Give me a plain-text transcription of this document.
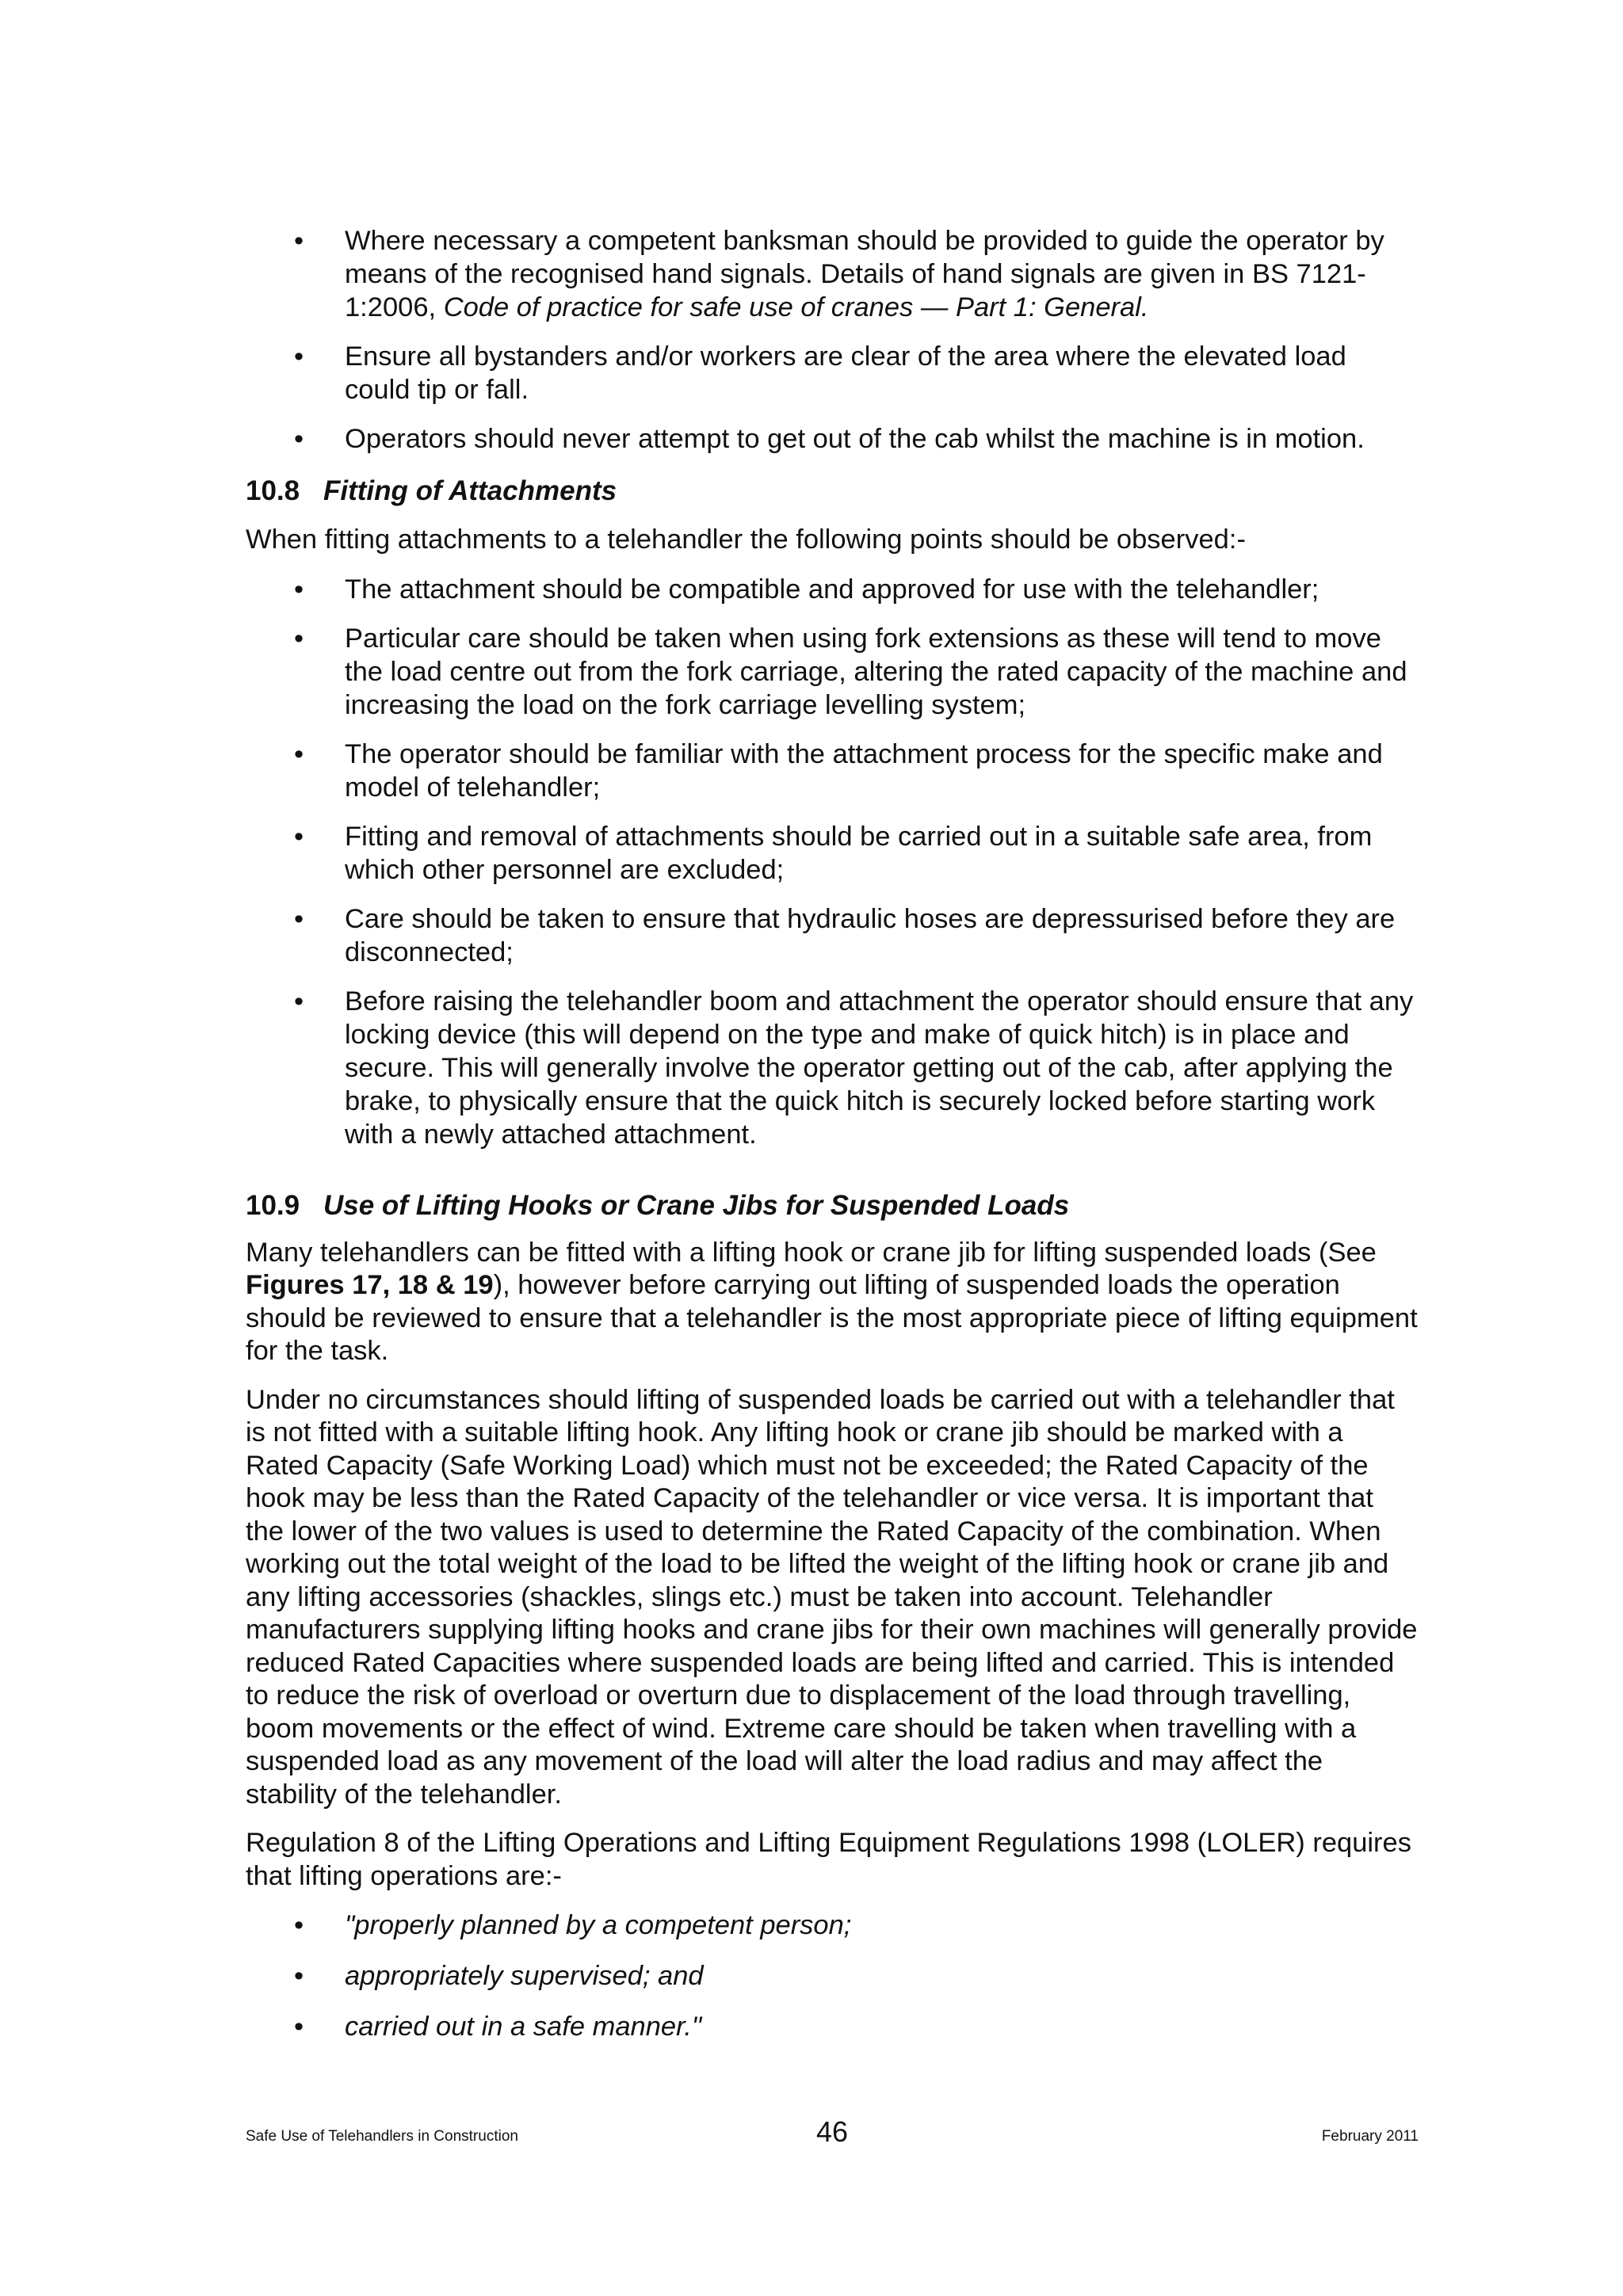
• Where necessary a competent banksman should be provided to guide the operator by means of the recognised hand signals. Details of hand signals are given in BS 7121-1:2006, Code of practice for safe use of cranes — Part 1: General.
• Ensure all bystanders and/or workers are clear of the area where the elevated load could tip or fall.
• Operators should never attempt to get out of the cab whilst the machine is in motion.
10.8 Fitting of Attachments

When fitting attachments to a telehandler the following points should be observed:-

• The attachment should be compatible and approved for use with the telehandler;
• Particular care should be taken when using fork extensions as these will tend to move the load centre out from the fork carriage, altering the rated capacity of the machine and increasing the load on the fork carriage levelling system;
• The operator should be familiar with the attachment process for the specific make and model of telehandler;
• Fitting and removal of attachments should be carried out in a suitable safe area, from which other personnel are excluded;
• Care should be taken to ensure that hydraulic hoses are depressurised before they are disconnected;
• Before raising the telehandler boom and attachment the operator should ensure that any locking device (this will depend on the type and make of quick hitch) is in place and secure. This will generally involve the operator getting out of the cab, after applying the brake, to physically ensure that the quick hitch is securely locked before starting work with a newly attached attachment.
10.9 Use of Lifting Hooks or Crane Jibs for Suspended Loads

Many telehandlers can be fitted with a lifting hook or crane jib for lifting suspended loads (See Figures 17, 18 & 19), however before carrying out lifting of suspended loads the operation should be reviewed to ensure that a telehandler is the most appropriate piece of lifting equipment for the task.

Under no circumstances should lifting of suspended loads be carried out with a telehandler that is not fitted with a suitable lifting hook. Any lifting hook or crane jib should be marked with a Rated Capacity (Safe Working Load) which must not be exceeded; the Rated Capacity of the hook may be less than the Rated Capacity of the telehandler or vice versa. It is important that the lower of the two values is used to determine the Rated Capacity of the combination. When working out the total weight of the load to be lifted the weight of the lifting hook or crane jib and any lifting accessories (shackles, slings etc.) must be taken into account. Telehandler manufacturers supplying lifting hooks and crane jibs for their own machines will generally provide reduced Rated Capacities where suspended loads are being lifted and carried. This is intended to reduce the risk of overload or overturn due to displacement of the load through travelling, boom movements or the effect of wind. Extreme care should be taken when travelling with a suspended load as any movement of the load will alter the load radius and may affect the stability of the telehandler.

Regulation 8 of the Lifting Operations and Lifting Equipment Regulations 1998 (LOLER) requires that lifting operations are:-

• "properly planned by a competent person;
• appropriately supervised; and
• carried out in a safe manner."
Safe Use of Telehandlers in Construction	46	February 2011
